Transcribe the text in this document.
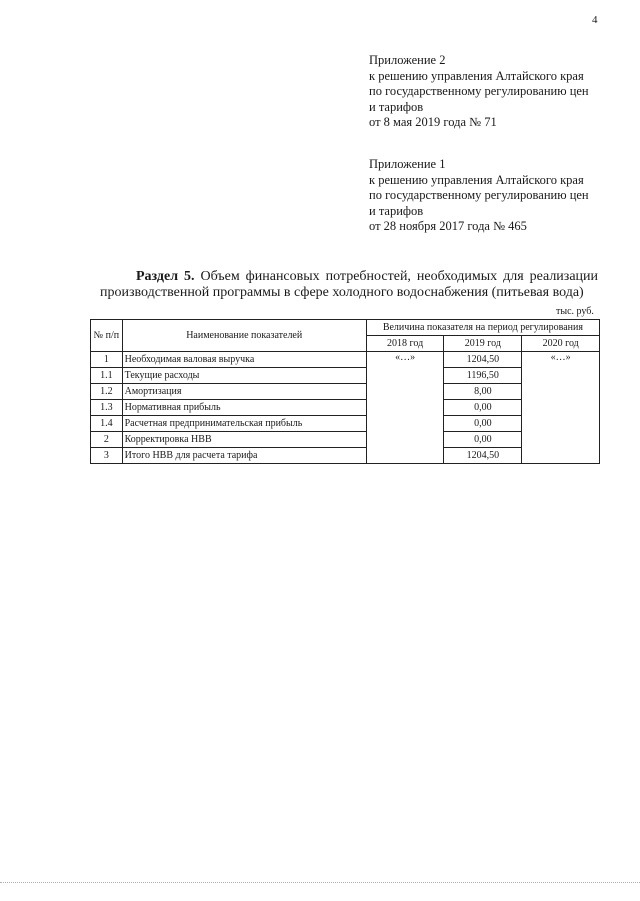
4
Приложение 2
к решению управления Алтайского края
по государственному регулированию цен
и тарифов
от 8 мая 2019 года № 71
Приложение 1
к решению управления Алтайского края
по государственному регулированию цен
и тарифов
от 28 ноября 2017 года № 465
Раздел 5. Объем финансовых потребностей, необходимых для реализации
производственной программы в сфере холодного водоснабжения (питьевая вода)
тыс. руб.
№ п/п	Наименование показателей	Величина показателя на период регулирования		
		2018 год	2019 год	2020 год
1	Необходимая валовая выручка	«…»	1204,50	«…»
1.1	Текущие расходы		1196,50	
1.2	Амортизация		8,00	
1.3	Нормативная прибыль		0,00	
1.4	Расчетная предпринимательская прибыль		0,00	
2	Корректировка НВВ		0,00	
3	Итого НВВ для расчета тарифа		1204,50	
